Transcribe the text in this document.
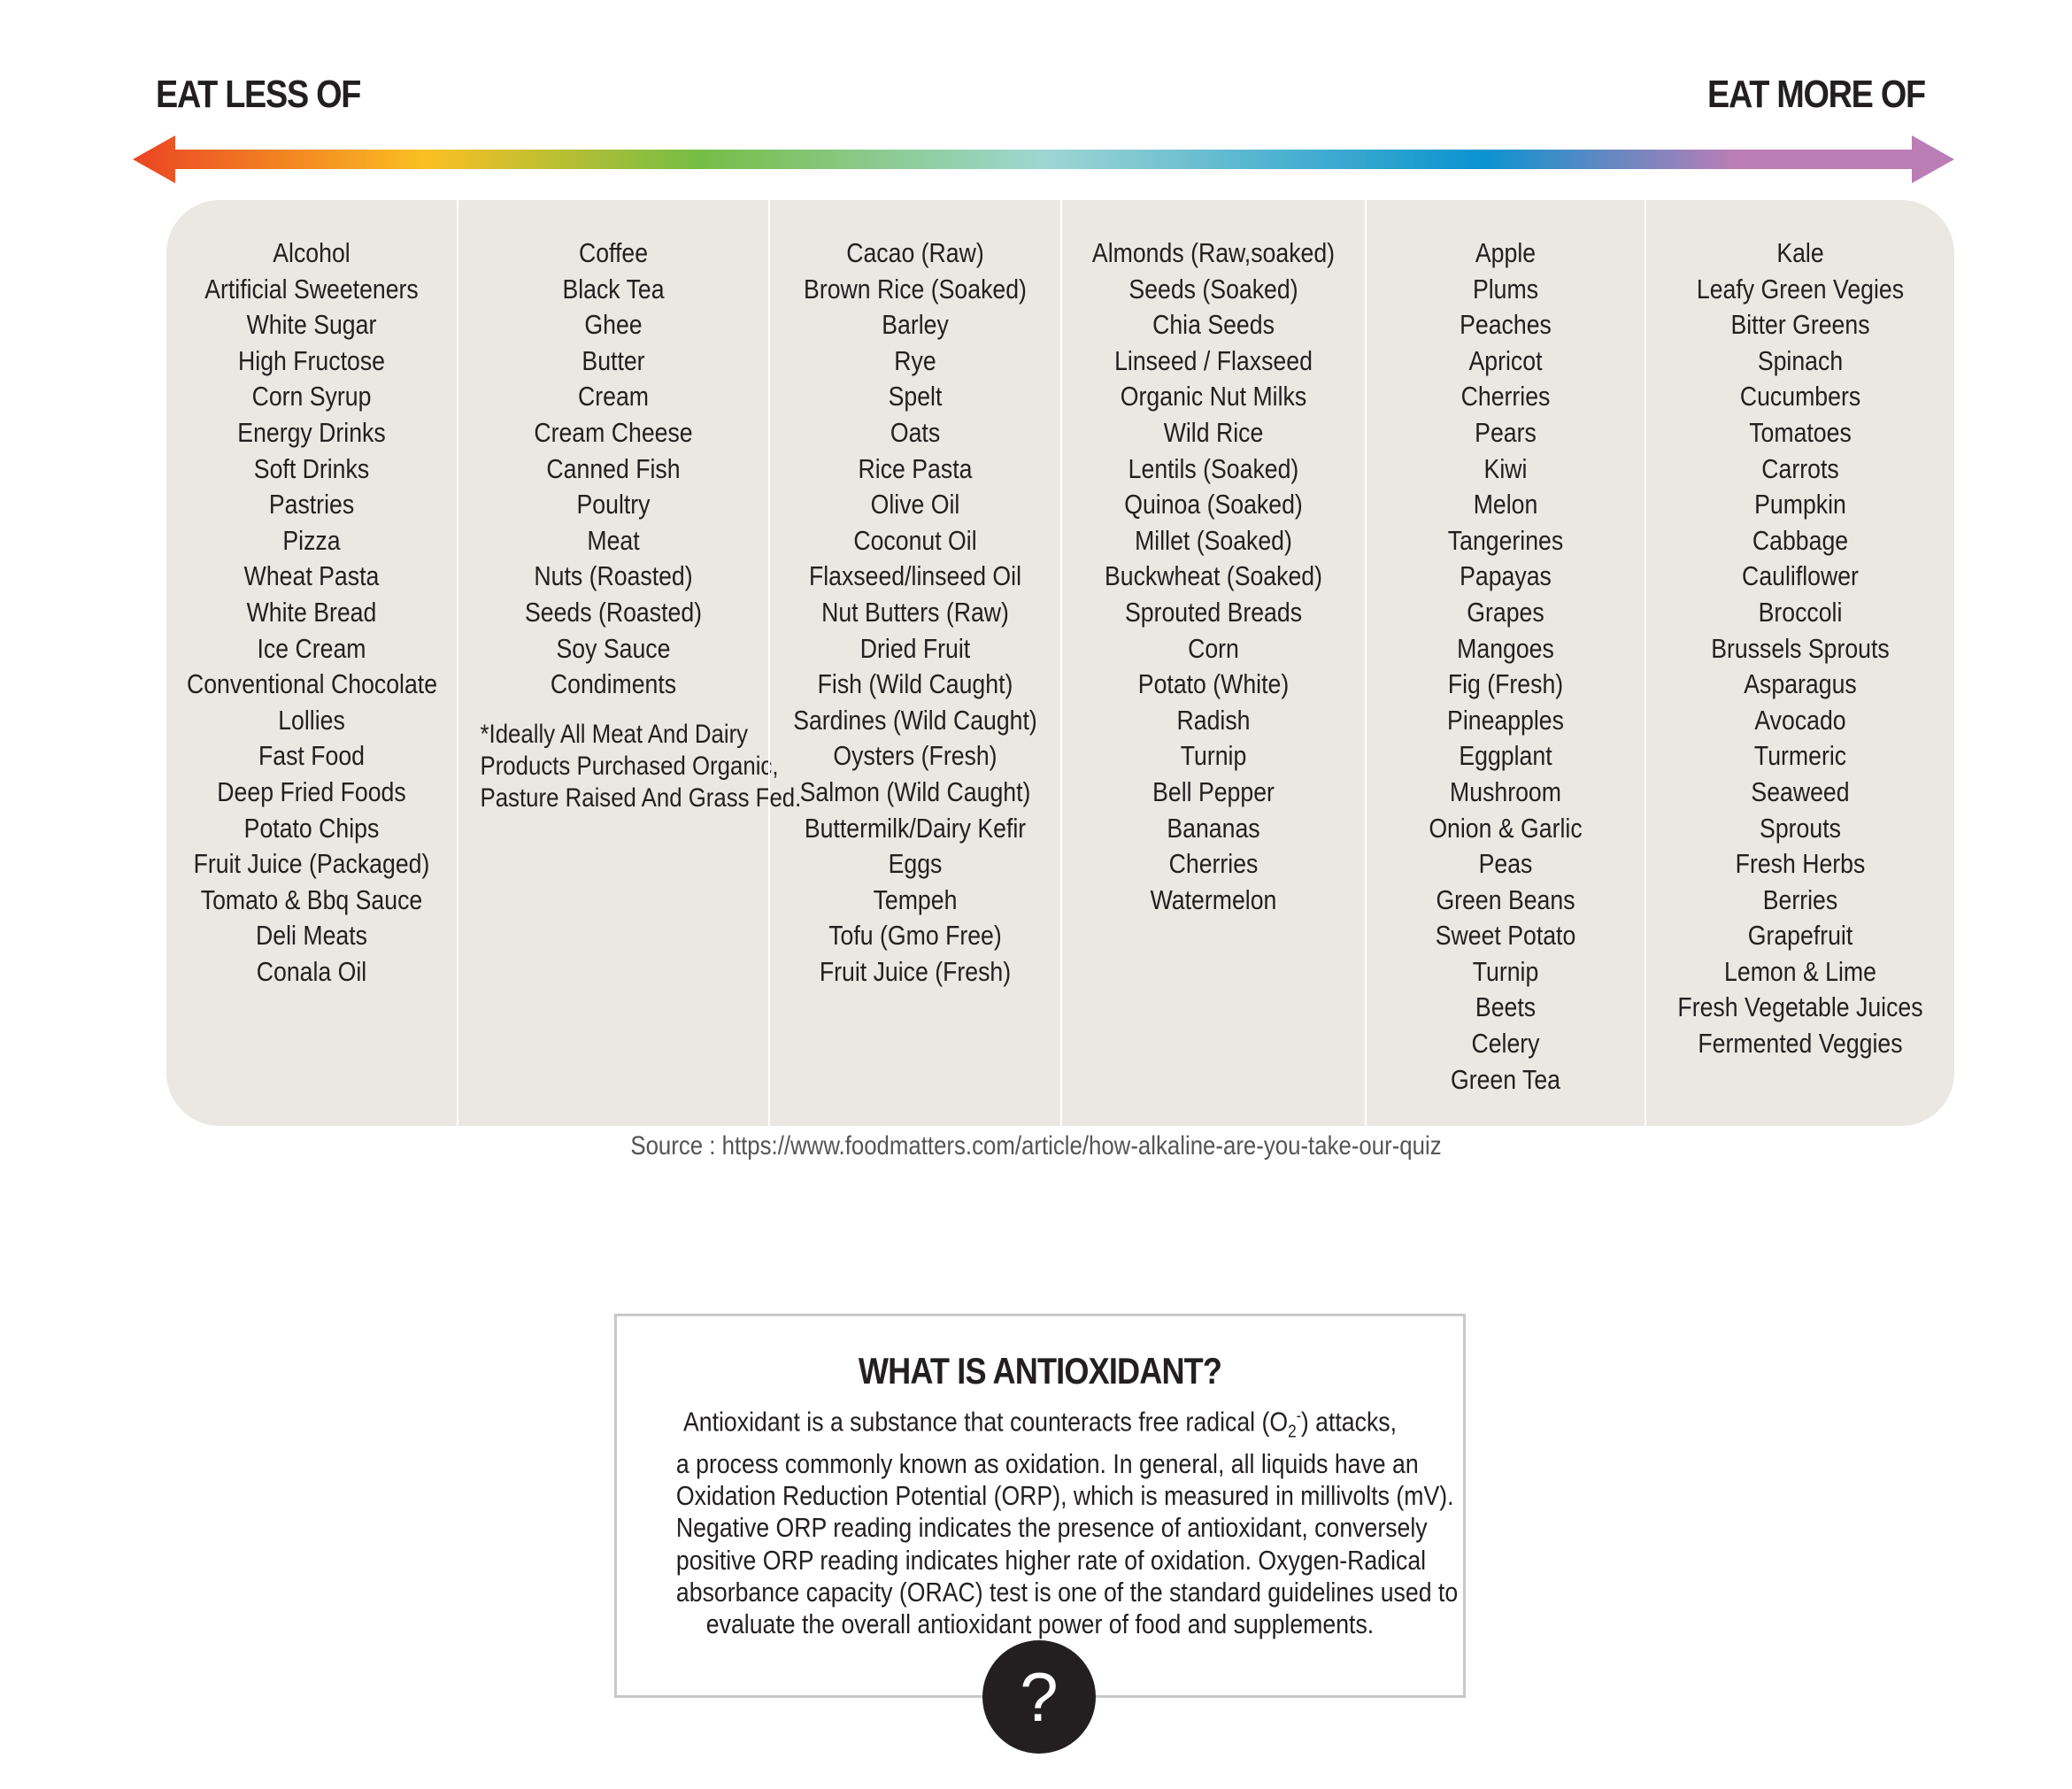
EAT LESS OF	EAT MORE OF
Alcohol
Artificial Sweeteners
White Sugar
High Fructose
Corn Syrup
Energy Drinks
Soft Drinks
Pastries
Pizza
Wheat Pasta
White Bread
Ice Cream
Conventional Chocolate
Lollies
Fast Food
Deep Fried Foods
Potato Chips
Fruit Juice (Packaged)
Tomato & Bbq Sauce
Deli Meats
Conala Oil
Coffee
Black Tea
Ghee
Butter
Cream
Cream Cheese
Canned Fish
Poultry
Meat
Nuts (Roasted)
Seeds (Roasted)
Soy Sauce
Condiments
*Ideally All Meat And Dairy
Products Purchased Organic,
Pasture Raised And Grass Fed.
Cacao (Raw)
Brown Rice (Soaked)
Barley
Rye
Spelt
Oats
Rice Pasta
Olive Oil
Coconut Oil
Flaxseed/linseed Oil
Nut Butters (Raw)
Dried Fruit
Fish (Wild Caught)
Sardines (Wild Caught)
Oysters (Fresh)
Salmon (Wild Caught)
Buttermilk/Dairy Kefir
Eggs
Tempeh
Tofu (Gmo Free)
Fruit Juice (Fresh)
Almonds (Raw,soaked)
Seeds (Soaked)
Chia Seeds
Linseed / Flaxseed
Organic Nut Milks
Wild Rice
Lentils (Soaked)
Quinoa (Soaked)
Millet (Soaked)
Buckwheat (Soaked)
Sprouted Breads
Corn
Potato (White)
Radish
Turnip
Bell Pepper
Bananas
Cherries
Watermelon
Apple
Plums
Peaches
Apricot
Cherries
Pears
Kiwi
Melon
Tangerines
Papayas
Grapes
Mangoes
Fig (Fresh)
Pineapples
Eggplant
Mushroom
Onion & Garlic
Peas
Green Beans
Sweet Potato
Turnip
Beets
Celery
Green Tea
Kale
Leafy Green Vegies
Bitter Greens
Spinach
Cucumbers
Tomatoes
Carrots
Pumpkin
Cabbage
Cauliflower
Broccoli
Brussels Sprouts
Asparagus
Avocado
Turmeric
Seaweed
Sprouts
Fresh Herbs
Berries
Grapefruit
Lemon & Lime
Fresh Vegetable Juices
Fermented Veggies
Source : https://www.foodmatters.com/article/how-alkaline-are-you-take-our-quiz
WHAT IS ANTIOXIDANT?
Antioxidant is a substance that counteracts free radical $(O_2^-)$ attacks,
a process commonly known as oxidation. In general, all liquids have an
Oxidation Reduction Potential (ORP), which is measured in millivolts (mV).
Negative ORP reading indicates the presence of antioxidant, conversely
positive ORP reading indicates higher rate of oxidation. Oxygen-Radical
absorbance capacity (ORAC) test is one of the standard guidelines used to
evaluate the overall antioxidant power of food and supplements.
?
